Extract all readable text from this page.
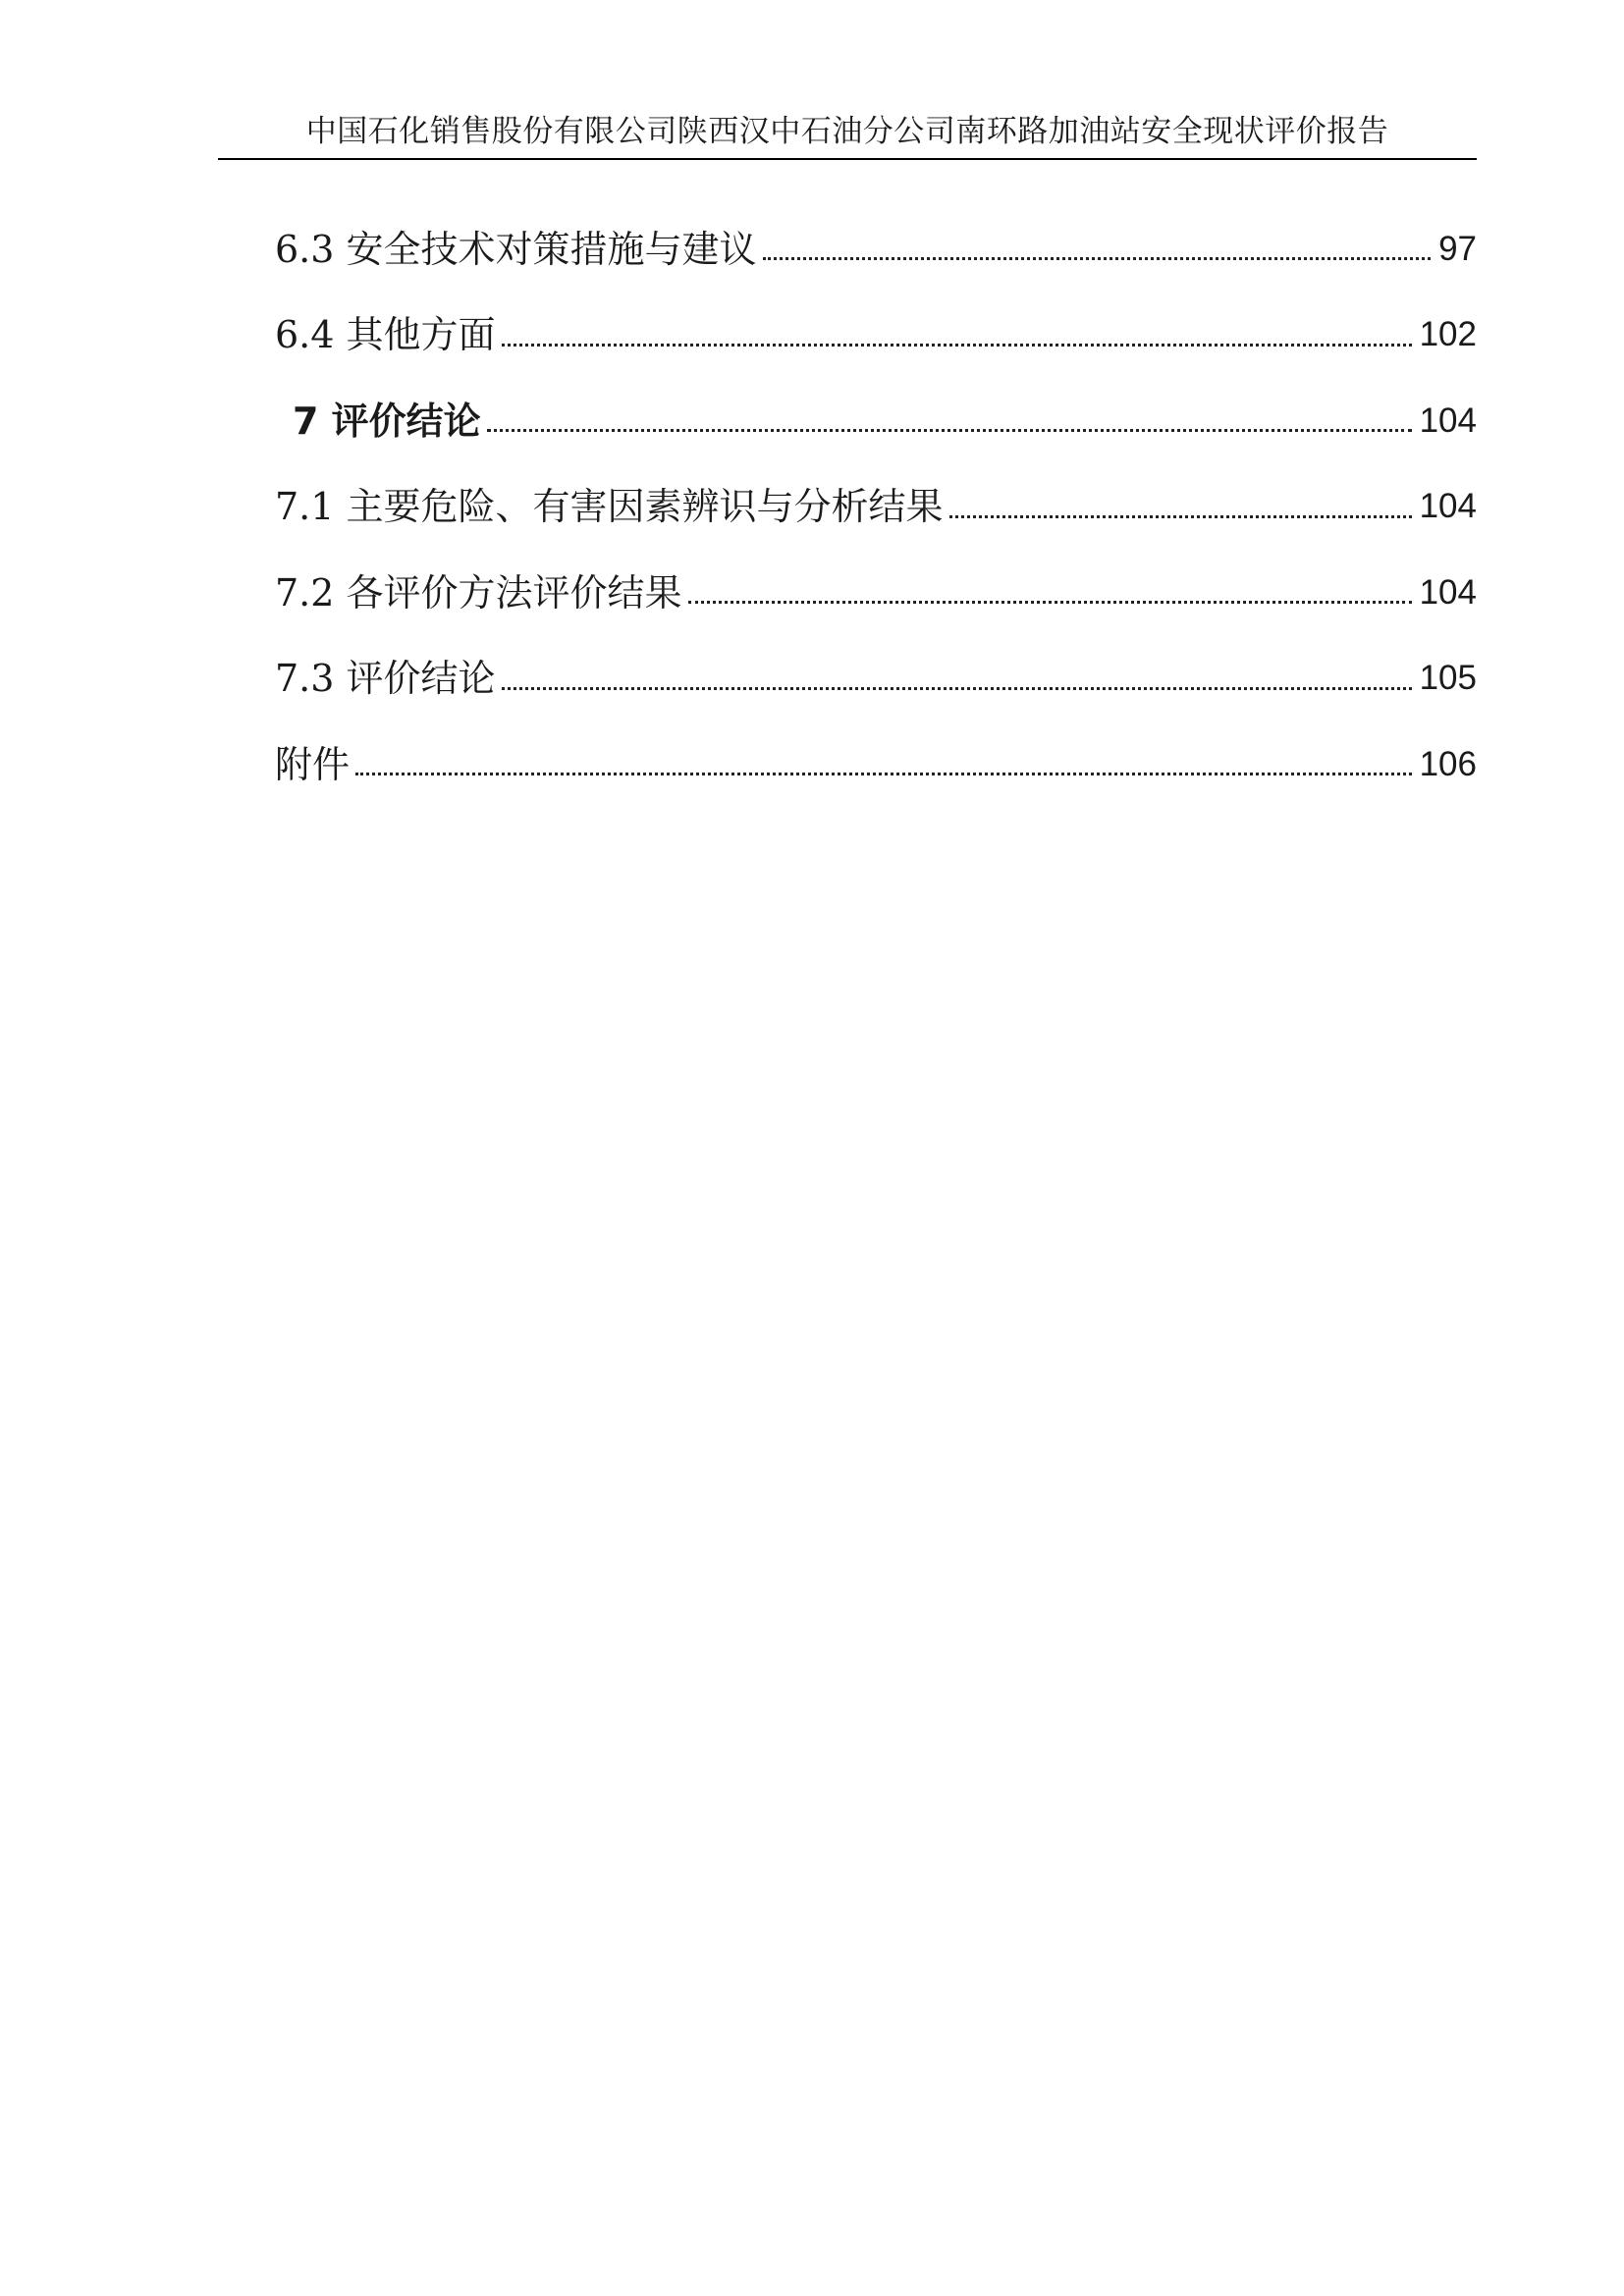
中国石化销售股份有限公司陕西汉中石油分公司南环路加油站安全现状评价报告
6.3 安全技术对策措施与建议	97
6.4 其他方面	102
7 评价结论	104
7.1 主要危险、有害因素辨识与分析结果	104
7.2 各评价方法评价结果	104
7.3 评价结论	105
附件	106
